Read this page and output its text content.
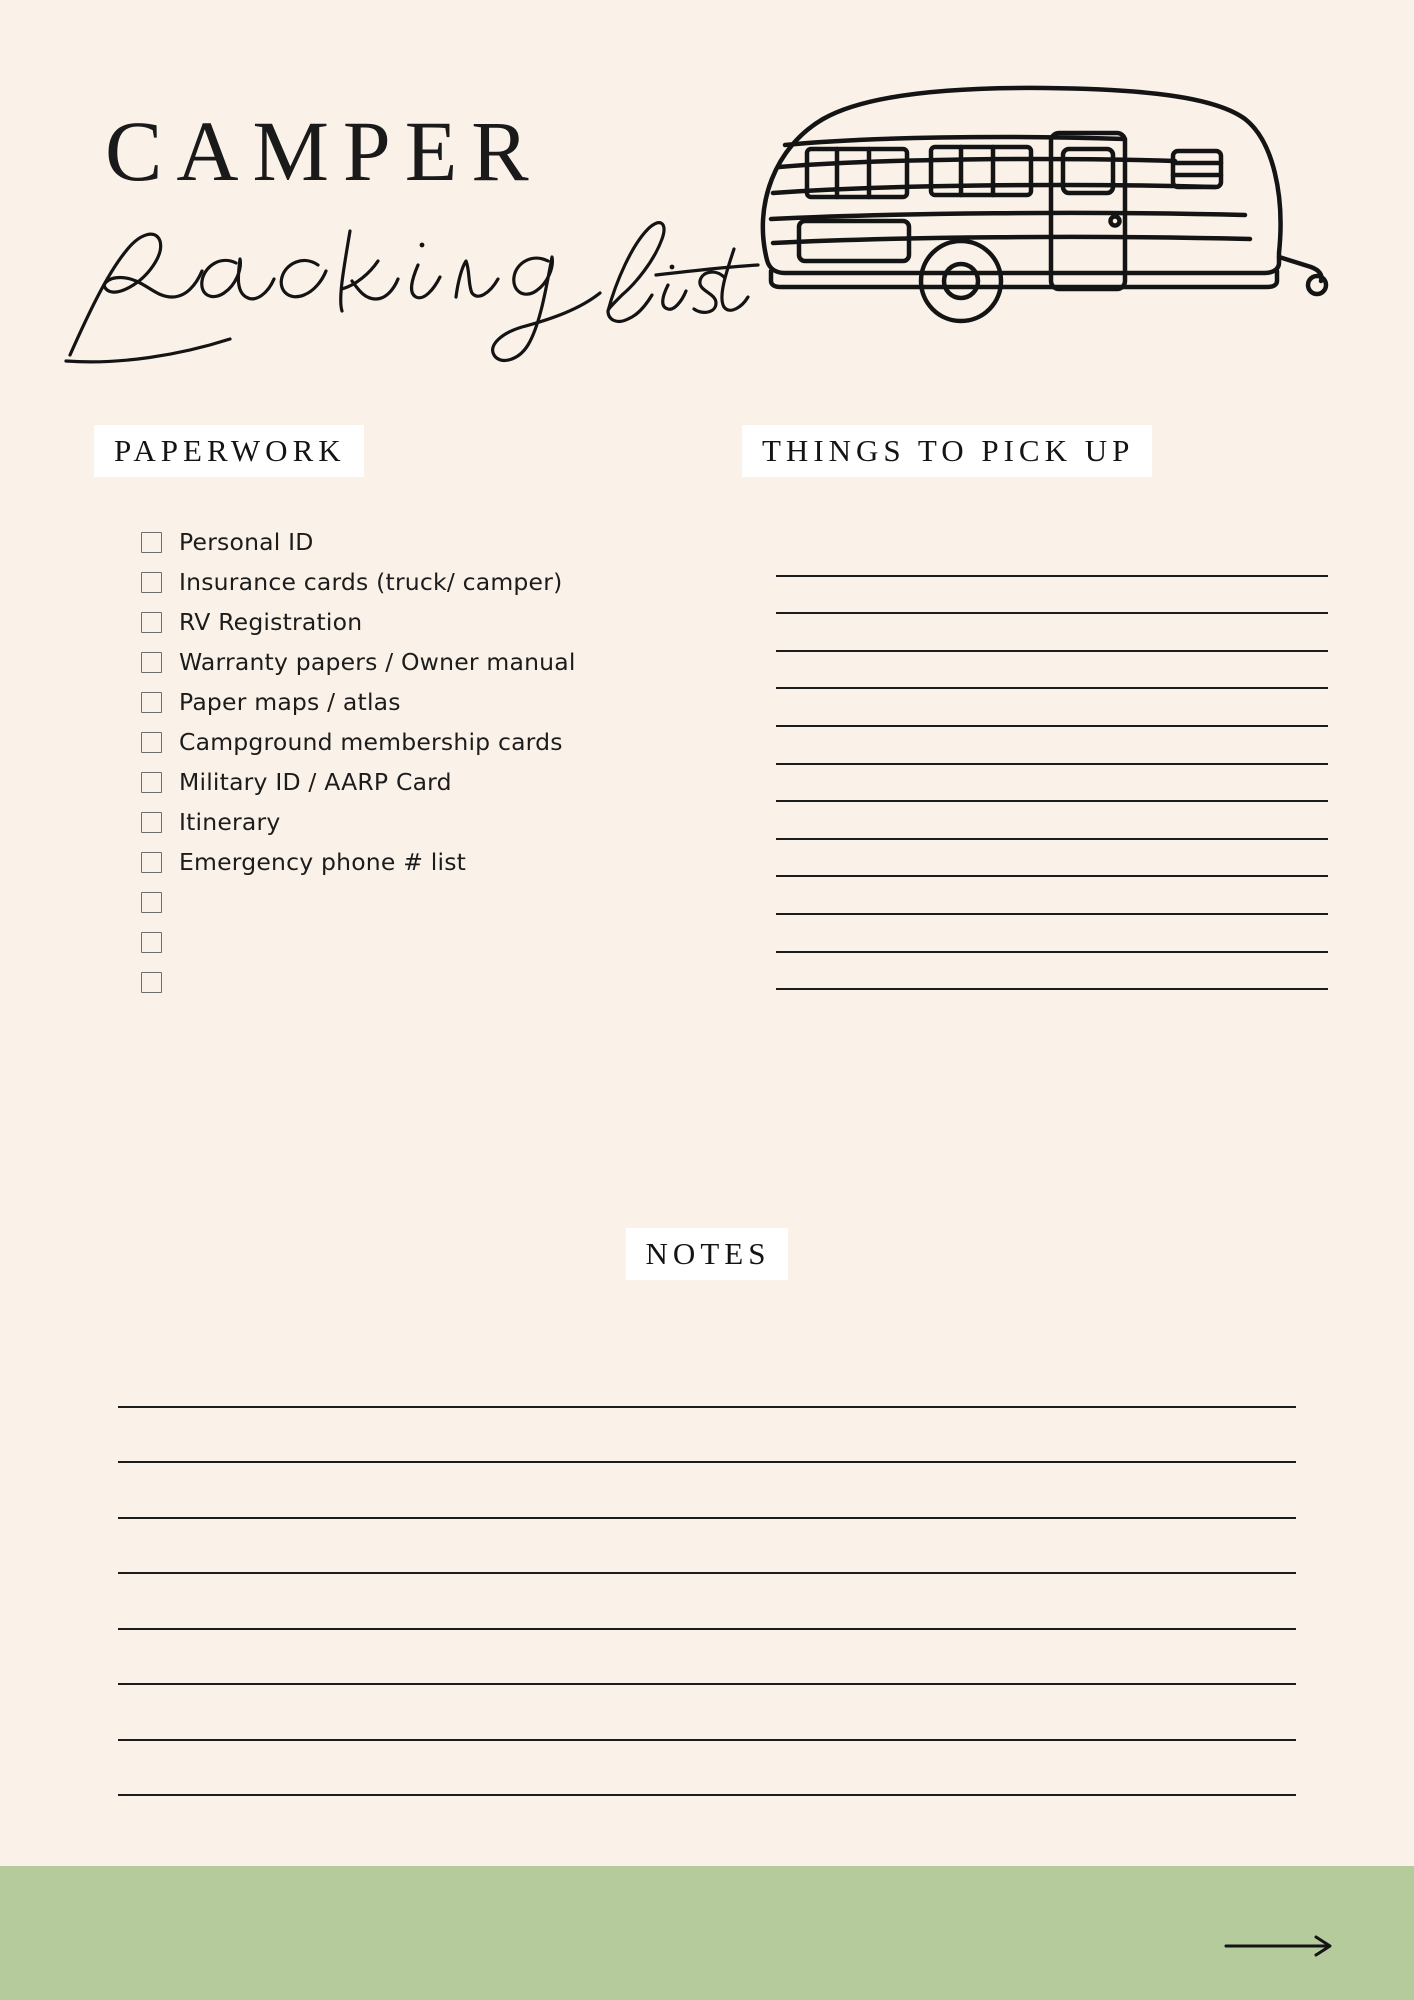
CAMPER
PAPERWORK
Personal ID
Insurance cards (truck/ camper)
RV Registration
Warranty papers / Owner manual
Paper maps / atlas
Campground membership cards
Military ID / AARP Card
Itinerary
Emergency phone # list
THINGS TO PICK UP
NOTES
